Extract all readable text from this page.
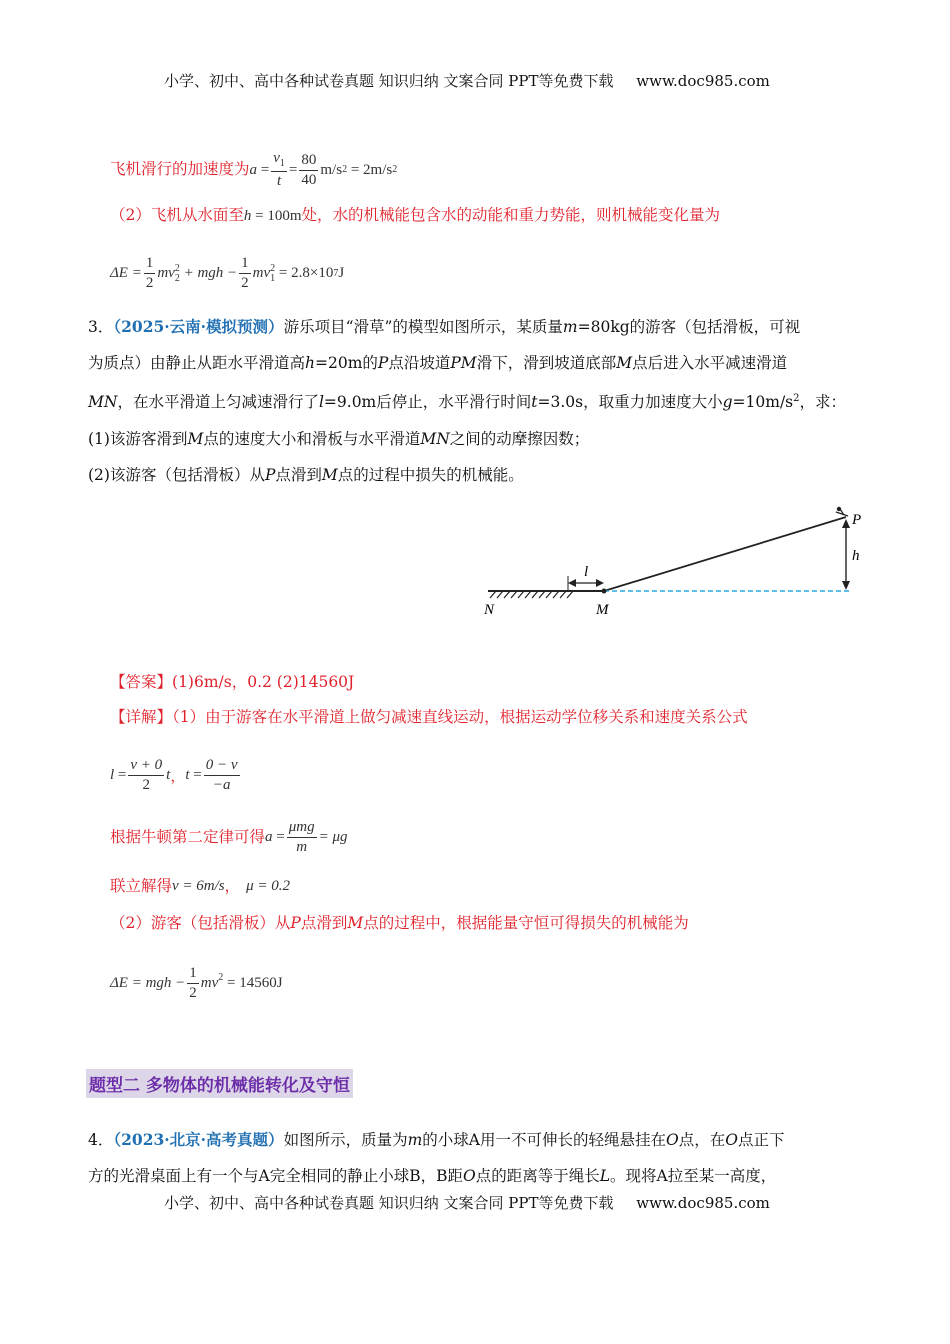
小学、初中、高中各种试卷真题 知识归纳 文案合同 PPT等免费下载 www.doc985.com
飞机滑行的加速度为 a
= $\frac{v_1}{t} = \frac{80}{40} m/s$ 2
= 2m/s 2
（2）飞机从水面至h = 100m处，水的机械能包含水的动能和重力势能，则机械能变化量为
$\Delta E = \frac{1}{2}$ mv 2
2
+ mgh − $\frac{1}{2}$ mv 2
1
= 2.8×10 7 J
3．（2025·云南·模拟预测）游乐项目“滑草”的模型如图所示，某质量m=80kg的游客（包括滑板，可视
为质点）由静止从距水平滑道高h=20m的P点沿坡道PM滑下，滑到坡道底部M点后进入水平减速滑道
MN，在水平滑道上匀减速滑行了l=9.0m后停止，水平滑行时间t=3.0s，取重力加速度大小$g=10m/s^2$，求：
(1)该游客滑到M点的速度大小和滑板与水平滑道MN之间的动摩擦因数；
(2)该游客（包括滑板）从P点滑到M点的过程中损失的机械能。
P
h
l
N	M
【答案】(1)6m/s，0.2 (2)14560J
【详解】（1）由于游客在水平滑道上做匀减速直线运动，根据运动学位移关系和速度关系公式
l
= $\frac{v + 0}{2}$ t ， t
= $\frac{0 - v}{-a}$
根据牛顿第二定律可得 a
= $\frac{\text{μmg}}{m} = \mu g$
联立解得 v = 6m/s ， μ = 0.2
（2）游客（包括滑板）从P点滑到M点的过程中，根据能量守恒可得损失的机械能为
ΔE = mgh − $\frac{1}{2} mv^2$
= 14560J
题型二 多物体的机械能转化及守恒
4．（2023·北京·高考真题）如图所示，质量为m的小球A用一不可伸长的轻绳悬挂在O点，在O点正下
方的光滑桌面上有一个与A完全相同的静止小球B，B距O点的距离等于绳长L。现将A拉至某一高度，
小学、初中、高中各种试卷真题 知识归纳 文案合同 PPT等免费下载 www.doc985.com
